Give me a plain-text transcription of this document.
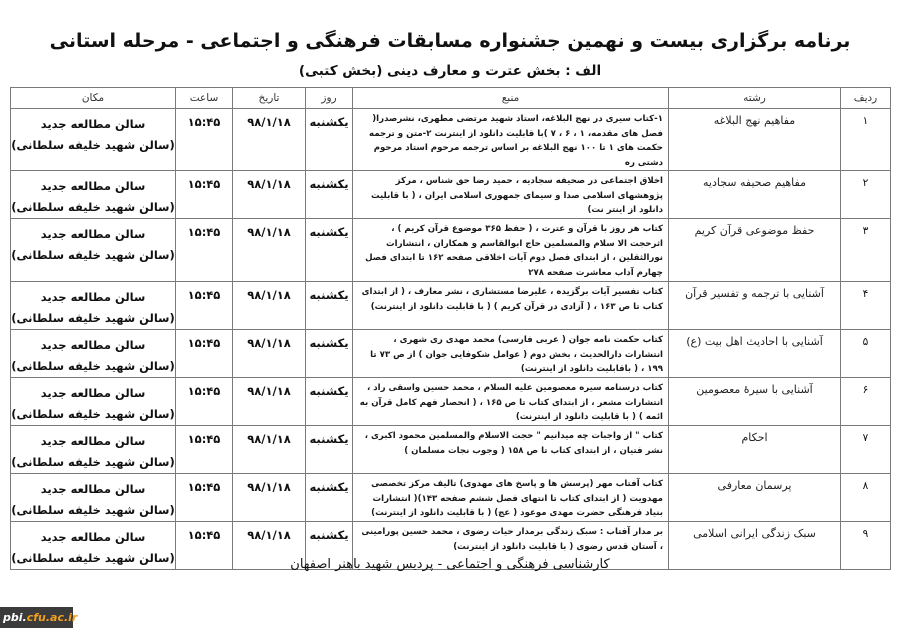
برنامه برگزاری بیست و نهمین جشنواره مسابقات فرهنگی و اجتماعی - مرحله استانی
الف : بخش عترت و معارف دینی (بخش کتبی)
ردیف	رشته	منبع	روز	تاریخ	ساعت	مکان
۱	مفاهیم نهج البلاغه	۱-کتاب سیری در نهج البلاغه، استاد شهید مرتضی مطهری، نشرصدرا( فصل های مقدمه، ۱ ، ۶ ، ۷ )با قابلیت دانلود از اینترنت ۲-متن و ترجمه حکمت های ۱ تا ۱۰۰ نهج البلاغه بر اساس ترجمه مرحوم استاد مرحوم دشتی ره	یکشنبه	۹۸/۱/۱۸	۱۵:۴۵	سالن مطالعه جدید
(سالن شهید خلیفه سلطانی)

۲	مفاهیم صحیفه سجادیه	اخلاق اجتماعی در صحیفه سجادیه ، حمید رضا حق شناس ، مرکز پژوهشهای اسلامی صدا و سیمای جمهوری اسلامی ایران ، ( با قابلیت دانلود از اینتر نت)	یکشنبه	۹۸/۱/۱۸	۱۵:۴۵	سالن مطالعه جدید
(سالن شهید خلیفه سلطانی)

۳	حفظ موضوعی قرآن کریم	کتاب هر روز با قرآن و عترت ، ( حفظ ۳۶۵ موضوع قرآن کریم ) ، اثرحجت الا سلام والمسلمین حاج ابوالقاسم و همکاران ، انتشارات نورالثقلین ، از ابتدای فصل دوم آیات اخلاقی صفحه ۱۶۲ تا ابتدای فصل چهارم آداب معاشرت صفحه ۲۷۸	یکشنبه	۹۸/۱/۱۸	۱۵:۴۵	سالن مطالعه جدید
(سالن شهید خلیفه سلطانی)

۴	آشنایی با ترجمه و تفسیر قرآن	کتاب تفسیر آیات برگزیده ، علیرضا مستشاری ، نشر معارف ، ( از ابتدای کتاب تا ص ۱۶۳ ، ( آزادی در قرآن کریم ) ( با قابلیت دانلود از اینترنت)	یکشنبه	۹۸/۱/۱۸	۱۵:۴۵	سالن مطالعه جدید
(سالن شهید خلیفه سلطانی)

۵	آشنایی با احادیث اهل بیت (ع)	کتاب حکمت نامه جوان ( عربی فارسی) محمد مهدی ری شهری ، انتشارات دارالحدیث ، بخش دوم ( عوامل شکوفایی جوان ) از ص ۷۳ تا ۱۹۹ ، ( باقابلیت دانلود از اینترنت)	یکشنبه	۹۸/۱/۱۸	۱۵:۴۵	سالن مطالعه جدید
(سالن شهید خلیفه سلطانی)

۶	آشنایی با سیرهٔ معصومین	کتاب درسنامه سیره معصومین علیه السلام ، محمد حسین واسقی راد ، انتشارات مشعر ، از ابتدای کتاب تا ص ۱۶۵ ، ( انحصار فهم کامل قرآن به ائمه ) ( با قابلیت دانلود از اینترنت)	یکشنبه	۹۸/۱/۱۸	۱۵:۴۵	سالن مطالعه جدید
(سالن شهید خلیفه سلطانی)

۷	احکام	کتاب " از واجبات چه میدانیم " حجت الاسلام والمسلمین محمود اکبری ، نشر فتیان ، از ابتدای کتاب تا ص ۱۵۸ ( وجوب نجات مسلمان )	یکشنبه	۹۸/۱/۱۸	۱۵:۴۵	سالن مطالعه جدید
(سالن شهید خلیفه سلطانی)

۸	پرسمان معارفی	کتاب آفتاب مهر (پرسش ها و پاسخ های مهدوی) تالیف مرکز تخصصی مهدویت ( از ابتدای کتاب تا انتهای فصل ششم صفحه ۱۴۳)( انتشارات بنیاد فرهنگی حضرت مهدی موعود ( عج) ( با قابلیت دانلود از اینترنت)	یکشنبه	۹۸/۱/۱۸	۱۵:۴۵	سالن مطالعه جدید
(سالن شهید خلیفه سلطانی)

۹	سبک زندگی ایرانی اسلامی	بر مدار آفتاب : سبک زندگی برمدار حیات رضوی ، محمد حسین پورامینی ، آستان قدس رضوی ( با قابلیت دانلود از اینترنت)	یکشنبه	۹۸/۱/۱۸	۱۵:۴۵	سالن مطالعه جدید
(سالن شهید خلیفه سلطانی)	کارشناسی فرهنگی و اجتماعی - پردیس شهید باهنر اصفهان
pbi.cfu.ac.ir
